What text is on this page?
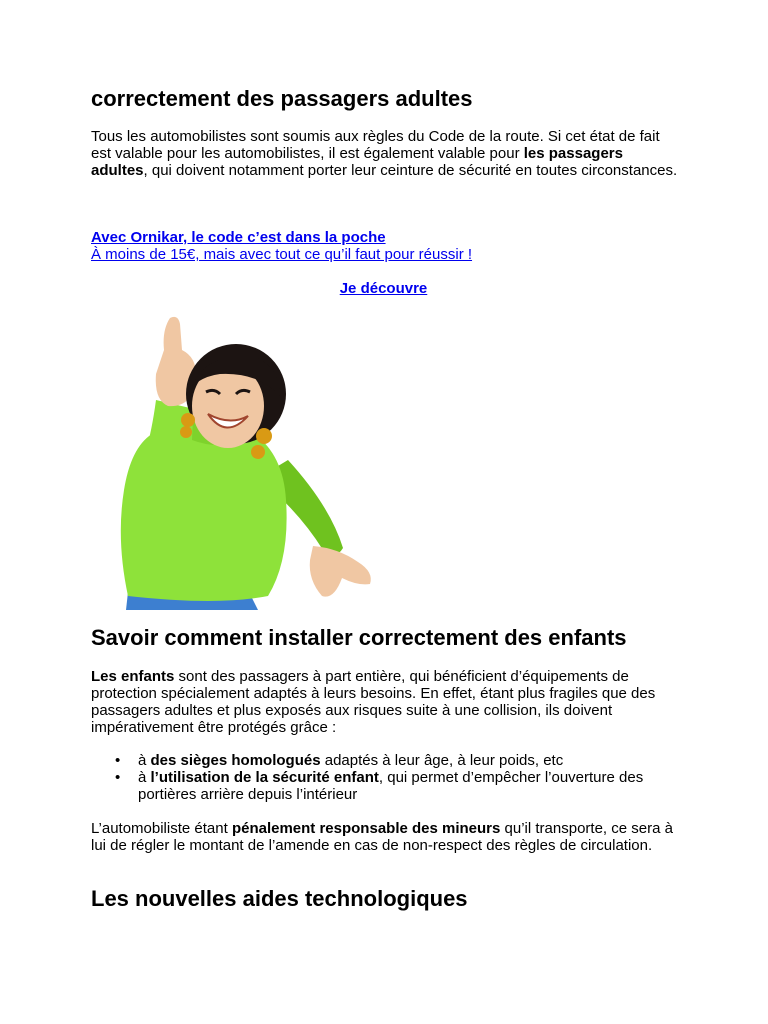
correctement des passagers adultes

Tous les automobilistes sont soumis aux règles du Code de la route. Si cet état de fait est valable pour les automobilistes, il est également valable pour les passagers adultes, qui doivent notamment porter leur ceinture de sécurité en toutes circonstances.

Avec Ornikar, le code c’est dans la poche
À moins de 15€, mais avec tout ce qu’il faut pour réussir !
Je découvre
Savoir comment installer correctement des enfants

Les enfants sont des passagers à part entière, qui bénéficient d’équipements de protection spécialement adaptés à leurs besoins. En effet, étant plus fragiles que des passagers adultes et plus exposés aux risques suite à une collision, ils doivent impérativement être protégés grâce :

• à des sièges homologués adaptés à leur âge, à leur poids, etc
• à l’utilisation de la sécurité enfant, qui permet d’empêcher l’ouverture des portières arrière depuis l’intérieur

L’automobiliste étant pénalement responsable des mineurs qu’il transporte, ce sera à lui de régler le montant de l’amende en cas de non-respect des règles de circulation.

Les nouvelles aides technologiques
